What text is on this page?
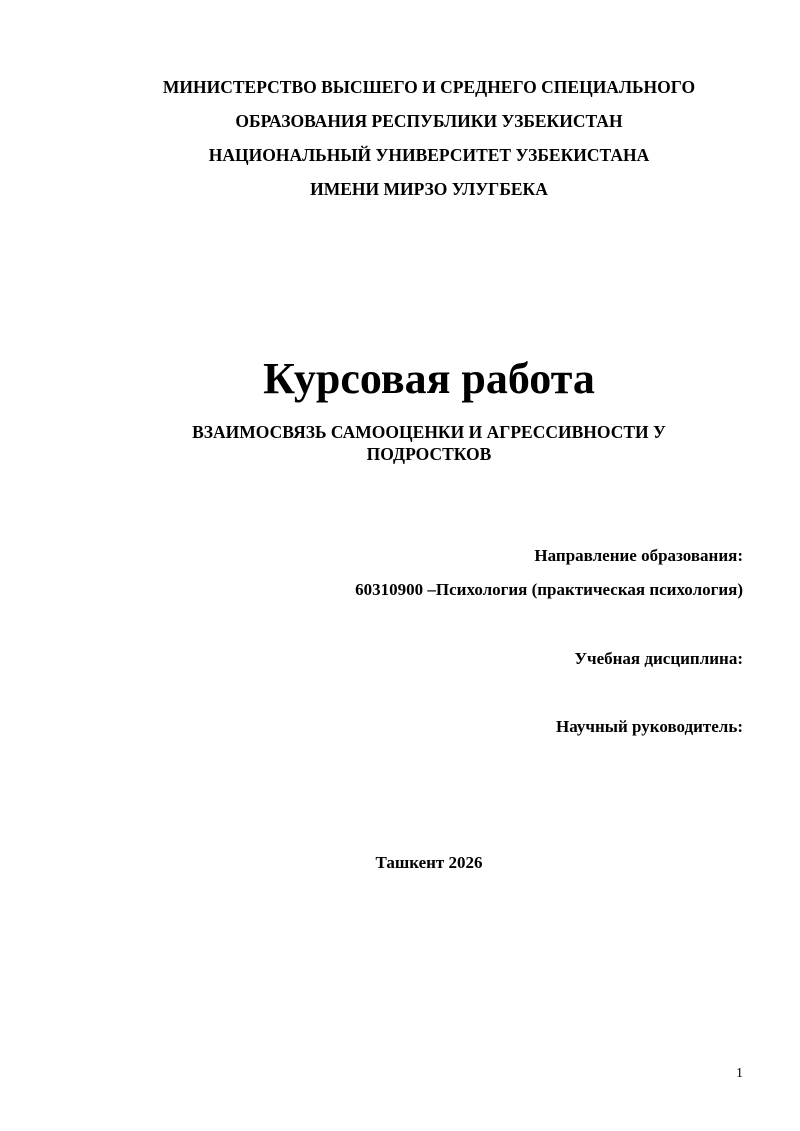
МИНИСТЕРСТВО ВЫСШЕГО И СРЕДНЕГО СПЕЦИАЛЬНОГО
ОБРАЗОВАНИЯ РЕСПУБЛИКИ УЗБЕКИСТАН
НАЦИОНАЛЬНЫЙ УНИВЕРСИТЕТ УЗБЕКИСТАНА
ИМЕНИ МИРЗО УЛУГБЕКА
Курсовая работа
ВЗАИМОСВЯЗЬ САМООЦЕНКИ И АГРЕССИВНОСТИ У ПОДРОСТКОВ
Направление образования:
60310900 –Психология (практическая психология)
Учебная дисциплина:
Научный руководитель:
Ташкент 2026
1
